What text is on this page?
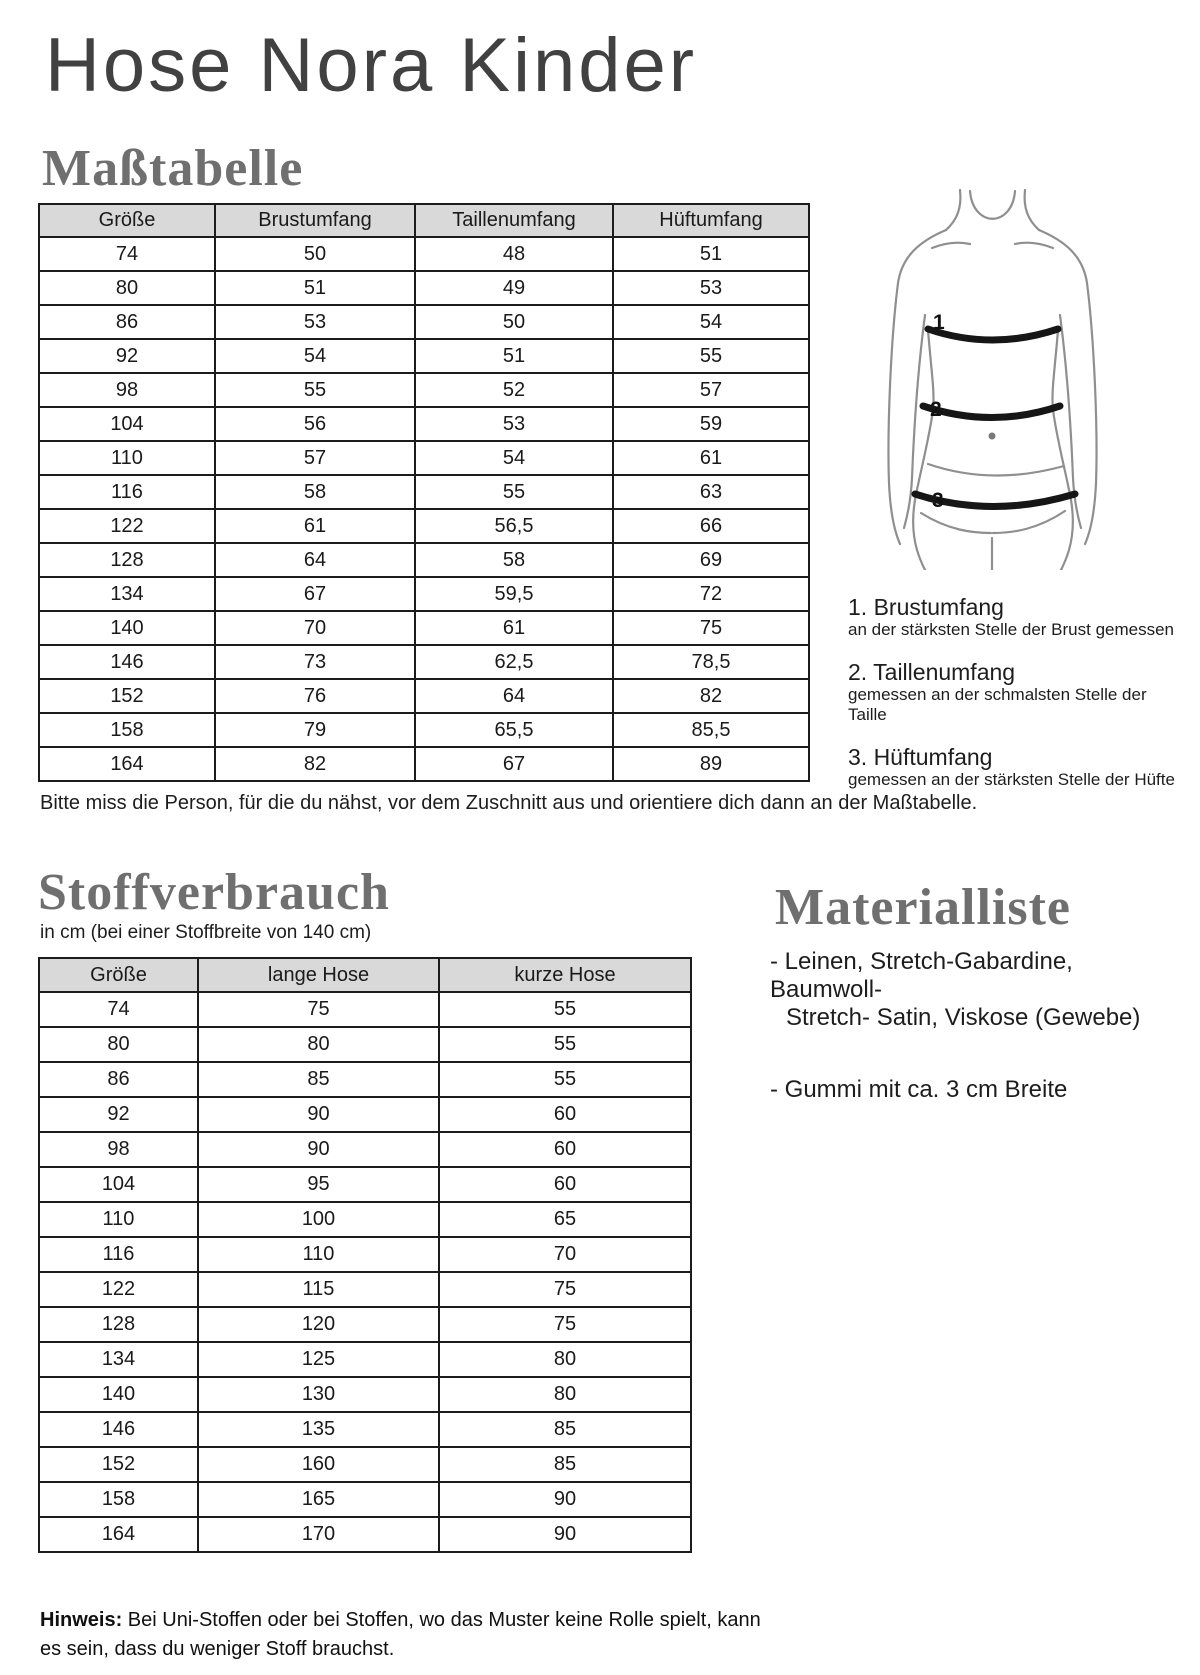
Hose Nora Kinder
Maßtabelle
Größe	Brustumfang	Taillenumfang	Hüftumfang
74	50	48	51
80	51	49	53
86	53	50	54
92	54	51	55
98	55	52	57
104	56	53	59
110	57	54	61
116	58	55	63
122	61	56,5	66
128	64	58	69
134	67	59,5	72
140	70	61	75
146	73	62,5	78,5
152	76	64	82
158	79	65,5	85,5
164	82	67	89
1
2
3
1. Brustumfang
an der stärksten Stelle der Brust gemessen
2. Taillenumfang
gemessen an der schmalsten Stelle der Taille
3. Hüftumfang
gemessen an der stärksten Stelle der Hüfte
Bitte miss die Person, für die du nähst, vor dem Zuschnitt aus und orientiere dich dann an der Maßtabelle.
Stoffverbrauch
in cm (bei einer Stoffbreite von 140 cm)
Größe	lange Hose	kurze Hose
74	75	55
80	80	55
86	85	55
92	90	60
98	90	60
104	95	60
110	100	65
116	110	70
122	115	75
128	120	75
134	125	80
140	130	80
146	135	85
152	160	85
158	165	90
164	170	90
Materialliste
- Leinen, Stretch-Gabardine, Baumwoll-
Stretch- Satin, Viskose (Gewebe)
- Gummi mit ca. 3 cm Breite
Hinweis: Bei Uni-Stoffen oder bei Stoffen, wo das Muster keine Rolle spielt, kann es sein, dass du weniger Stoff brauchst.
